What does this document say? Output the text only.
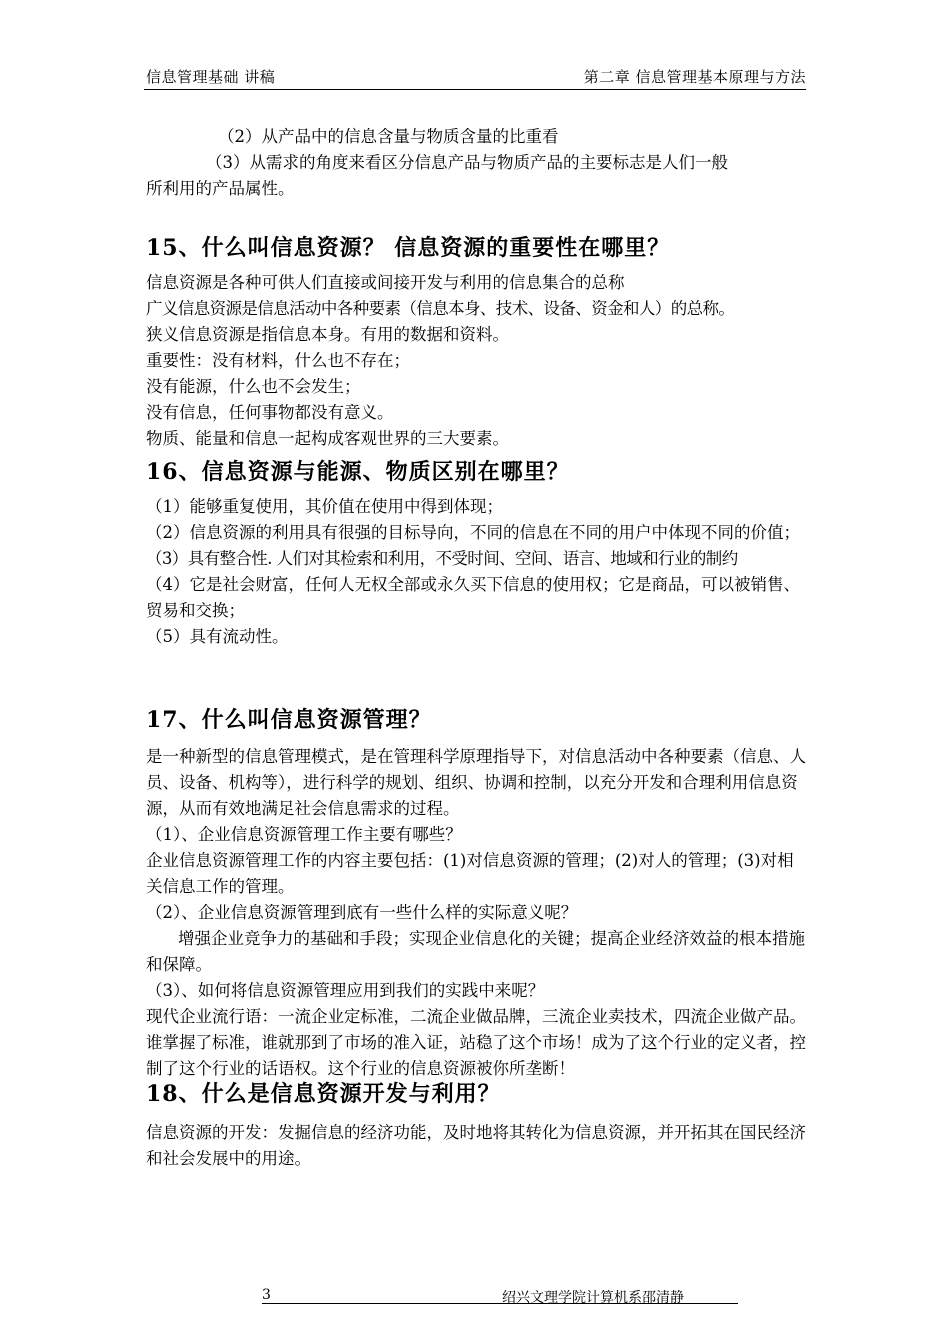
信息管理基础 讲稿	第二章 信息管理基本原理与方法

（2）从产品中的信息含量与物质含量的比重看

（3）从需求的角度来看区分信息产品与物质产品的主要标志是人们一般

所利用的产品属性。

15、什么叫信息资源？ 信息资源的重要性在哪里？

信息资源是各种可供人们直接或间接开发与利用的信息集合的总称

广义信息资源是信息活动中各种要素（信息本身、技术、设备、资金和人）的总称。

狭义信息资源是指信息本身。有用的数据和资料。

重要性：没有材料，什么也不存在；

没有能源，什么也不会发生；

没有信息，任何事物都没有意义。

物质、能量和信息一起构成客观世界的三大要素。

16、信息资源与能源、物质区别在哪里？

（1）能够重复使用，其价值在使用中得到体现；

（2）信息资源的利用具有很强的目标导向，不同的信息在不同的用户中体现不同的价值；

（3）具有整合性. 人们对其检索和利用，不受时间、空间、语言、地域和行业的制约

（4）它是社会财富，任何人无权全部或永久买下信息的使用权；它是商品，可以被销售、贸易和交换；

（5）具有流动性。

17、什么叫信息资源管理？

是一种新型的信息管理模式，是在管理科学原理指导下，对信息活动中各种要素（信息、人员、设备、机构等），进行科学的规划、组织、协调和控制，以充分开发和合理利用信息资源，从而有效地满足社会信息需求的过程。

（1）、企业信息资源管理工作主要有哪些？

企业信息资源管理工作的内容主要包括：(1)对信息资源的管理；(2)对人的管理；(3)对相关信息工作的管理。

（2）、企业信息资源管理到底有一些什么样的实际意义呢？

增强企业竞争力的基础和手段；实现企业信息化的关键；提高企业经济效益的根本措施和保障。

（3）、如何将信息资源管理应用到我们的实践中来呢？

现代企业流行语：一流企业定标准，二流企业做品牌，三流企业卖技术，四流企业做产品。谁掌握了标准，谁就那到了市场的准入证，站稳了这个市场！成为了这个行业的定义者，控制了这个行业的话语权。这个行业的信息资源被你所垄断！

18、什么是信息资源开发与利用？

信息资源的开发：发掘信息的经济功能，及时地将其转化为信息资源，并开拓其在国民经济和社会发展中的用途。

3	绍兴文理学院计算机系邵清静
